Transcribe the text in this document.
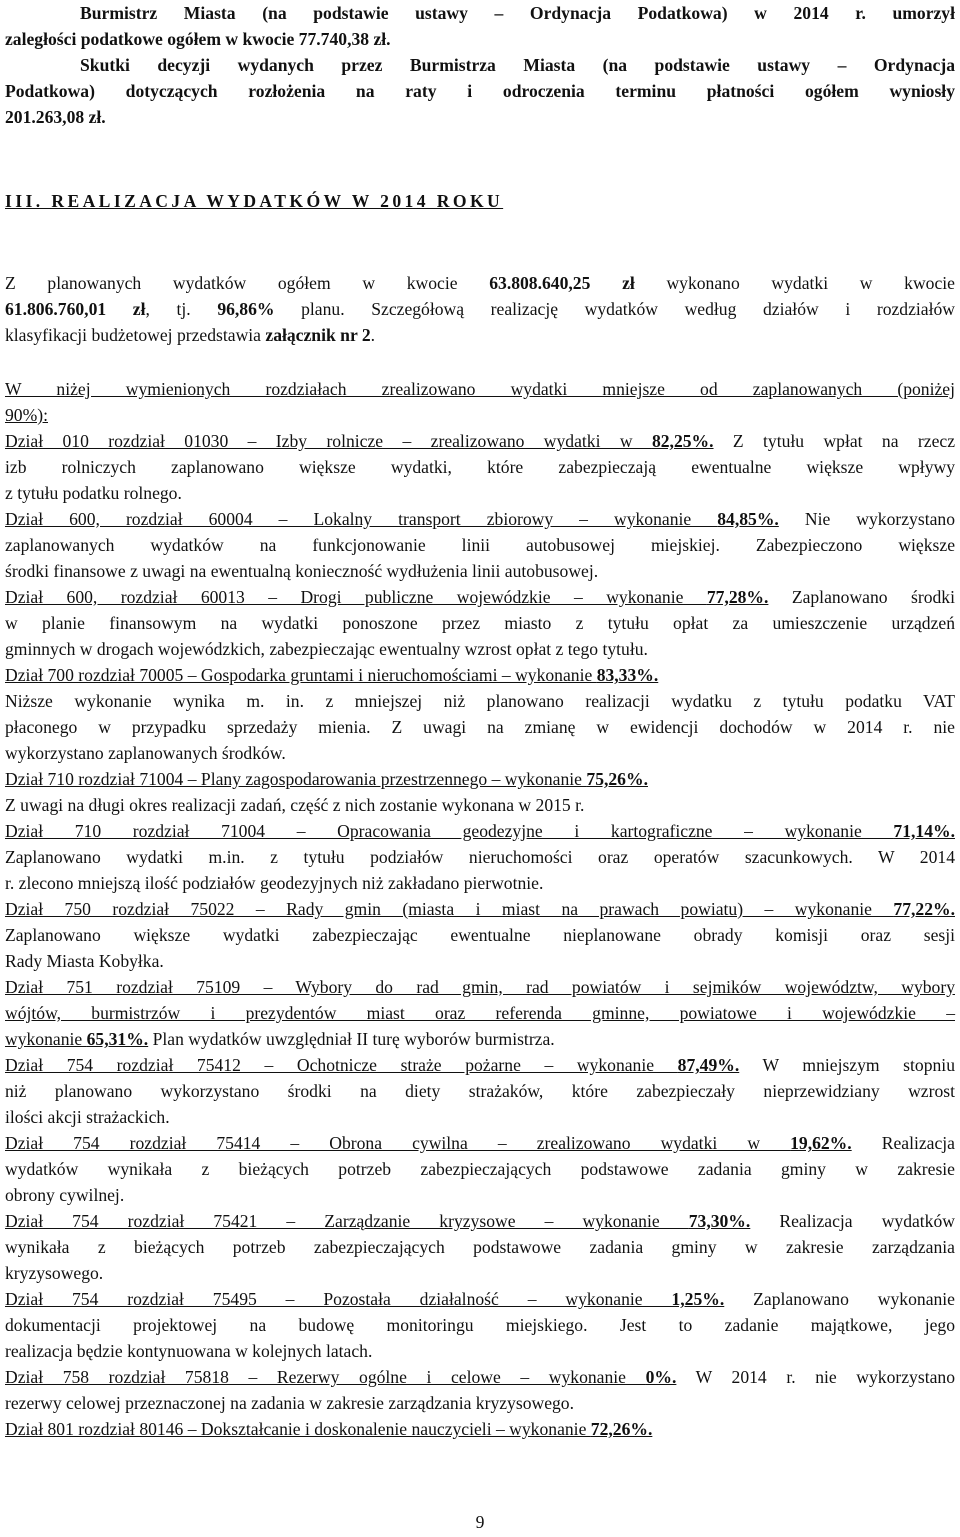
Burmistrz Miasta (na podstawie ustawy – Ordynacja Podatkowa) w 2014 r. umorzył
zaległości podatkowe ogółem w kwocie 77.740,38 zł.
Skutki decyzji wydanych przez Burmistrza Miasta (na podstawie ustawy – Ordynacja
Podatkowa) dotyczących rozłożenia na raty i odroczenia terminu płatności ogółem wyniosły
201.263,08 zł.
III. REALIZACJA WYDATKÓW W 2014 ROKU
Z planowanych wydatków ogółem w kwocie 63.808.640,25 zł wykonano wydatki w kwocie
61.806.760,01 zł, tj. 96,86% planu. Szczegółową realizację wydatków według działów i rozdziałów
klasyfikacji budżetowej przedstawia załącznik nr 2.
W niżej wymienionych rozdziałach zrealizowano wydatki mniejsze od zaplanowanych (poniżej
90%):
Dział 010 rozdział 01030 – Izby rolnicze – zrealizowano wydatki w 82,25%. Z tytułu wpłat na rzecz
izb rolniczych zaplanowano większe wydatki, które zabezpieczają ewentualne większe wpływy
z tytułu podatku rolnego.
Dział 600, rozdział 60004 – Lokalny transport zbiorowy – wykonanie 84,85%. Nie wykorzystano
zaplanowanych wydatków na funkcjonowanie linii autobusowej miejskiej. Zabezpieczono większe
środki finansowe z uwagi na ewentualną konieczność wydłużenia linii autobusowej.
Dział 600, rozdział 60013 – Drogi publiczne wojewódzkie – wykonanie 77,28%. Zaplanowano środki
w planie finansowym na wydatki ponoszone przez miasto z tytułu opłat za umieszczenie urządzeń
gminnych w drogach wojewódzkich, zabezpieczając ewentualny wzrost opłat z tego tytułu.
Dział 700 rozdział 70005 – Gospodarka gruntami i nieruchomościami – wykonanie 83,33%.
Niższe wykonanie wynika m. in. z mniejszej niż planowano realizacji wydatku z tytułu podatku VAT
płaconego w przypadku sprzedaży mienia. Z uwagi na zmianę w ewidencji dochodów w 2014 r. nie
wykorzystano zaplanowanych środków.
Dział 710 rozdział 71004 – Plany zagospodarowania przestrzennego – wykonanie 75,26%.
Z uwagi na długi okres realizacji zadań, część z nich zostanie wykonana w 2015 r.
Dział 710 rozdział 71004 – Opracowania geodezyjne i kartograficzne – wykonanie 71,14%.
Zaplanowano wydatki m.in. z tytułu podziałów nieruchomości oraz operatów szacunkowych. W 2014
r. zlecono mniejszą ilość podziałów geodezyjnych niż zakładano pierwotnie.
Dział 750 rozdział 75022 – Rady gmin (miasta i miast na prawach powiatu) – wykonanie 77,22%.
Zaplanowano większe wydatki zabezpieczając ewentualne nieplanowane obrady komisji oraz sesji
Rady Miasta Kobyłka.
Dział 751 rozdział 75109 – Wybory do rad gmin, rad powiatów i sejmików województw, wybory
wójtów, burmistrzów i prezydentów miast oraz referenda gminne, powiatowe i wojewódzkie –
wykonanie 65,31%. Plan wydatków uwzględniał II turę wyborów burmistrza.
Dział 754 rozdział 75412 – Ochotnicze straże pożarne – wykonanie 87,49%. W mniejszym stopniu
niż planowano wykorzystano środki na diety strażaków, które zabezpieczały nieprzewidziany wzrost
ilości akcji strażackich.
Dział 754 rozdział 75414 – Obrona cywilna – zrealizowano wydatki w 19,62%. Realizacja
wydatków wynikała z bieżących potrzeb zabezpieczających podstawowe zadania gminy w zakresie
obrony cywilnej.
Dział 754 rozdział 75421 – Zarządzanie kryzysowe – wykonanie 73,30%. Realizacja wydatków
wynikała z bieżących potrzeb zabezpieczających podstawowe zadania gminy w zakresie zarządzania
kryzysowego.
Dział 754 rozdział 75495 – Pozostała działalność – wykonanie 1,25%. Zaplanowano wykonanie
dokumentacji projektowej na budowę monitoringu miejskiego. Jest to zadanie majątkowe, jego
realizacja będzie kontynuowana w kolejnych latach.
Dział 758 rozdział 75818 – Rezerwy ogólne i celowe – wykonanie 0%. W 2014 r. nie wykorzystano
rezerwy celowej przeznaczonej na zadania w zakresie zarządzania kryzysowego.
Dział 801 rozdział 80146 – Dokształcanie i doskonalenie nauczycieli – wykonanie 72,26%.
9
